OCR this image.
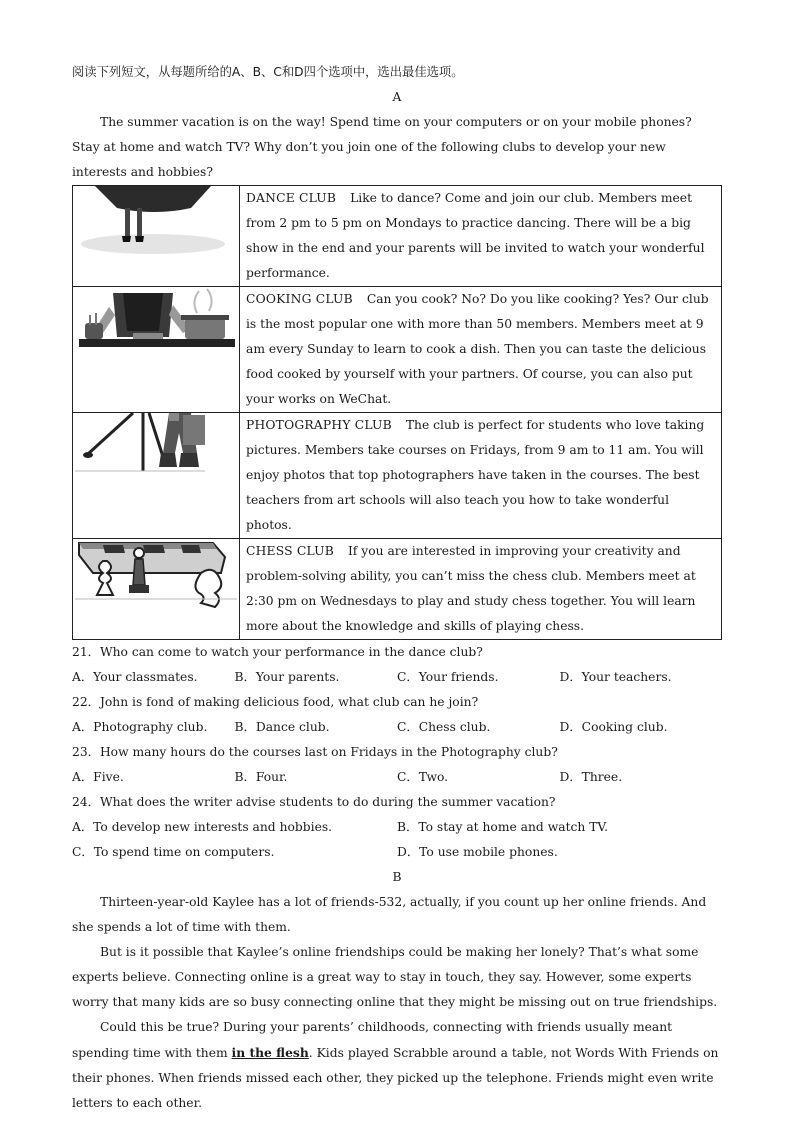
阅读下列短文，从每题所给的A、B、C和D四个选项中，选出最佳选项。

A

The summer vacation is on the way! Spend time on your computers or on your mobile phones? Stay at home and watch TV? Why don’t you join one of the following clubs to develop your new interests and hobbies?

	DANCE CLUB Like to dance? Come and join our club. Members meet from 2 pm to 5 pm on Mondays to practice dancing. There will be a big show in the end and your parents will be invited to watch your wonderful performance.

	COOKING CLUB Can you cook? No? Do you like cooking? Yes? Our club is the most popular one with more than 50 members. Members meet at 9 am every Sunday to learn to cook a dish. Then you can taste the delicious food cooked by yourself with your partners. Of course, you can also put your works on WeChat.

	PHOTOGRAPHY CLUB The club is perfect for students who love taking pictures. Members take courses on Fridays, from 9 am to 11 am. You will enjoy photos that top photographers have taken in the courses. The best teachers from art schools will also teach you how to take wonderful photos.

	CHESS CLUB If you are interested in improving your creativity and problem-solving ability, you can’t miss the chess club. Members meet at 2:30 pm on Wednesdays to play and study chess together. You will learn more about the knowledge and skills of playing chess.

21．Who can come to watch your performance in the dance club?

A．Your classmates.	B．Your parents.	C．Your friends.	D．Your teachers.

22．John is fond of making delicious food, what club can he join?

A．Photography club.	B．Dance club.	C．Chess club.	D．Cooking club.

23．How many hours do the courses last on Fridays in the Photography club?

A．Five.	B．Four.	C．Two.	D．Three.

24．What does the writer advise students to do during the summer vacation?

A．To develop new interests and hobbies.	B．To stay at home and watch TV.
C．To spend time on computers.	D．To use mobile phones.

B

Thirteen-year-old Kaylee has a lot of friends-532, actually, if you count up her online friends. And she spends a lot of time with them.

But is it possible that Kaylee’s online friendships could be making her lonely? That’s what some experts believe. Connecting online is a great way to stay in touch, they say. However, some experts worry that many kids are so busy connecting online that they might be missing out on true friendships.

Could this be true? During your parents’ childhoods, connecting with friends usually meant spending time with them in the flesh. Kids played Scrabble around a table, not Words With Friends on their phones. When friends missed each other, they picked up the telephone. Friends might even write letters to each other.
